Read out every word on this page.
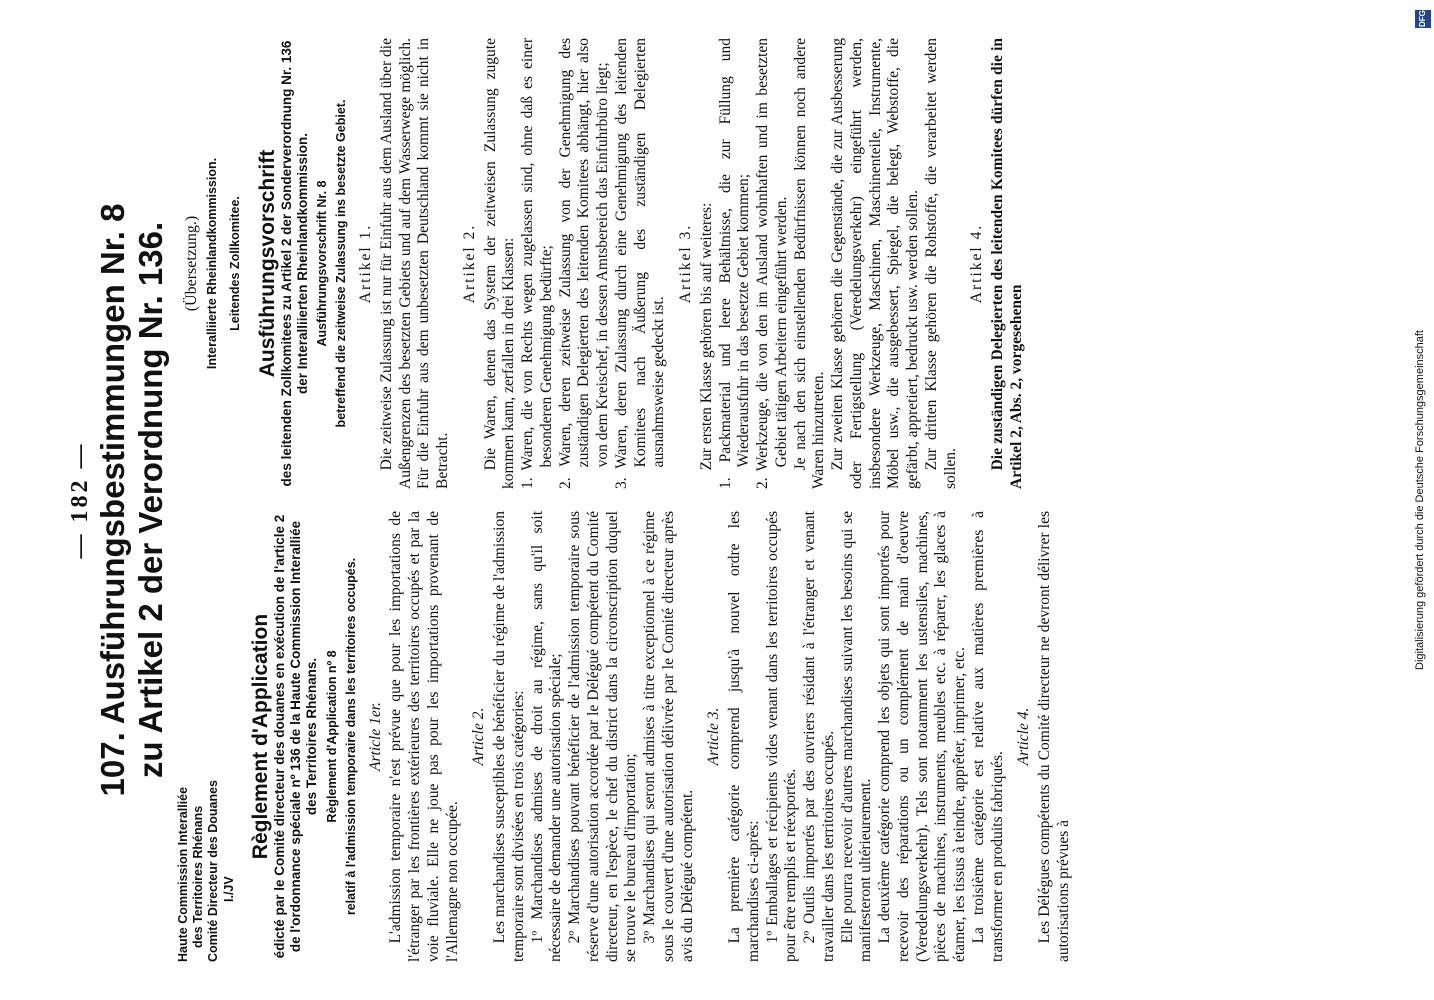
— 182 — 107. Ausführungsbestimmungen Nr. 8 zu Artikel 2 der Verordnung Nr. 136.
Haute Commission Interalliée des Territoires Rhénans Comité Directeur des Douanes I./JV
Règlement d'Application édicté par le Comité directeur des douanes en exécution de l'article 2 de l'ordonnance spéciale nº 136 de la Haute Commission Interalliée des Territoires Rhénans. Règlement d'Application nº 8 relatif à l'admission temporaire dans les territoires occupés. Article 1er. L'admission temporaire n'est prévue que pour les importations de l'étranger par les frontières extérieures des territoires occupés et par la voie fluviale. Elle ne joue pas pour les importations provenant de l'Allemagne non occupée.

Article 2. Les marchandises susceptibles de bénéficier du régime de l'admission temporaire sont divisées en trois catégories: 1º Marchandises admises de droit au régime, sans qu'il soit nécessaire de demander une autorisation spéciale; 2º Marchandises pouvant bénéficier de l'admission temporaire sous réserve d'une autorisation accordée par le Délégué compétent du Comité directeur, en l'espèce, le chef du district dans la circonscription duquel se trouve le bureau d'importation; 3º Marchandises qui seront admises à titre exceptionnel à ce régime sous le couvert d'une autorisation délivrée par le Comité directeur après avis du Délégué compétent.

Article 3. La première catégorie comprend jusqu'à nouvel ordre les marchandises ci-après: 1º Emballages et récipients vides venant dans les territoires occupés pour être remplis et réexportés. 2º Outils importés par des ouvriers résidant à l'étranger et venant travailler dans les territoires occupés. Elle pourra recevoir d'autres marchandises suivant les besoins qui se manifesteront ultérieurement. La deuxième catégorie comprend les objets qui sont importés pour recevoir des réparations ou un complément de main d'oeuvre (Veredelungsverkehr). Tels sont notamment les ustensiles, machines, pièces de machines, instruments, meubles etc. à réparer, les glaces à étamer, les tissus à teindre, apprêter, imprimer, etc. La troisième catégorie est relative aux matières premières à transformer en produits fabriqués.

Article 4. Les Délégues compétents du Comité directeur ne devront délivrer les autorisations prévues à

(Übersetzung.) Interalliierte Rheinlandkommission. Leitendes Zollkomitee. Ausführungsvorschrift des leitenden Zollkomitees zu Artikel 2 der Sonderverordnung Nr. 136 der Interalliierten Rheinlandkommission. Ausführungsvorschrift Nr. 8 betreffend die zeitweise Zulassung ins besetzte Gebiet. Artikel 1. Die zeitweise Zulassung ist nur für Einfuhr aus dem Ausland über die Außengrenzen des besetzten Gebiets und auf dem Wasserwege möglich. Für die Einfuhr aus dem unbesetzten Deutschland kommt sie nicht in Betracht.

Artikel 2. Die Waren, denen das System der zeitweisen Zulassung zugute kommen kann, zerfallen in drei Klassen: 1. Waren, die von Rechts wegen zugelassen sind, ohne daß es einer besonderen Genehmigung bedürfte; 2. Waren, deren zeitweise Zulassung von der Genehmigung des zuständigen Delegierten des leitenden Komitees abhängt, hier also von dem Kreischef, in dessen Amtsbereich das Einfuhrbüro liegt; 3. Waren, deren Zulassung durch eine Genehmigung des leitenden Komitees nach Äußerung des zuständigen Delegierten ausnahmsweise gedeckt ist.

Artikel 3. Zur ersten Klasse gehören bis auf weiteres: 1. Packmaterial und leere Behältnisse, die zur Füllung und Wiederausfuhr in das besetzte Gebiet kommen; 2. Werkzeuge, die von den im Ausland wohnhaften und im besetzten Gebiet tätigen Arbeitern eingeführt werden. Je nach den sich einstellenden Bedürfnissen können noch andere Waren hinzutreten. Zur zweiten Klasse gehören die Gegenstände, die zur Ausbesserung oder Fertigstellung (Veredelungsverkehr) eingeführt werden, insbesondere Werkzeuge, Maschinen, Maschinenteile, Instrumente, Möbel usw., die ausgebessert, Spiegel, die belegt, Webstoffe, die gefärbt, appretiert, bedruckt usw. werden sollen. Zur dritten Klasse gehören die Rohstoffe, die verarbeitet werden sollen.

Artikel 4. Die zuständigen Delegierten des leitenden Komitees dürfen die in Artikel 2, Abs. 2, vorgesehenen	Digitalisierung gefördert durch die Deutsche Forschungsgemeinschaft
DFG
